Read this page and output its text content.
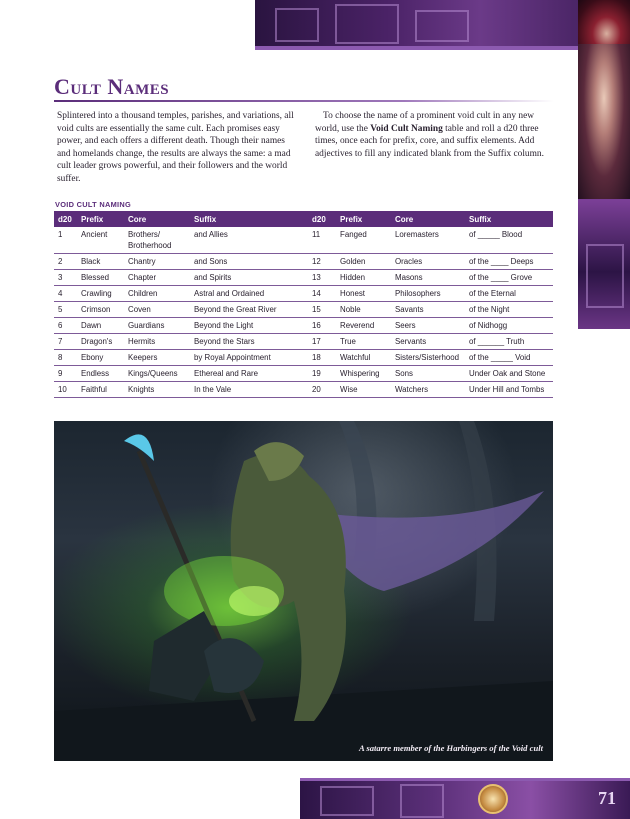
Cult Names
Splintered into a thousand temples, parishes, and variations, all void cults are essentially the same cult. Each promises easy power, and each offers a different death. Though their names and homelands change, the results are always the same: a mad cult leader grows powerful, and their followers and the world suffer.
To choose the name of a prominent void cult in any new world, use the Void Cult Naming table and roll a d20 three times, once each for prefix, core, and suffix elements. Add adjectives to fill any indicated blank from the Suffix column.
VOID CULT NAMING
d20	Prefix	Core	Suffix	d20	Prefix	Core	Suffix
1	Ancient	Brothers/ Brotherhood	and Allies	11	Fanged	Loremasters	of _____ Blood
2	Black	Chantry	and Sons	12	Golden	Oracles	of the ____ Deeps
3	Blessed	Chapter	and Spirits	13	Hidden	Masons	of the ____ Grove
4	Crawling	Children	Astral and Ordained	14	Honest	Philosophers	of the Eternal
5	Crimson	Coven	Beyond the Great River	15	Noble	Savants	of the Night
6	Dawn	Guardians	Beyond the Light	16	Reverend	Seers	of Nidhogg
7	Dragon's	Hermits	Beyond the Stars	17	True	Servants	of ______ Truth
8	Ebony	Keepers	by Royal Appointment	18	Watchful	Sisters/Sisterhood	of the _____ Void
9	Endless	Kings/Queens	Ethereal and Rare	19	Whispering	Sons	Under Oak and Stone
10	Faithful	Knights	In the Vale	20	Wise	Watchers	Under Hill and Tombs
A satarre member of the Harbingers of the Void cult
71
